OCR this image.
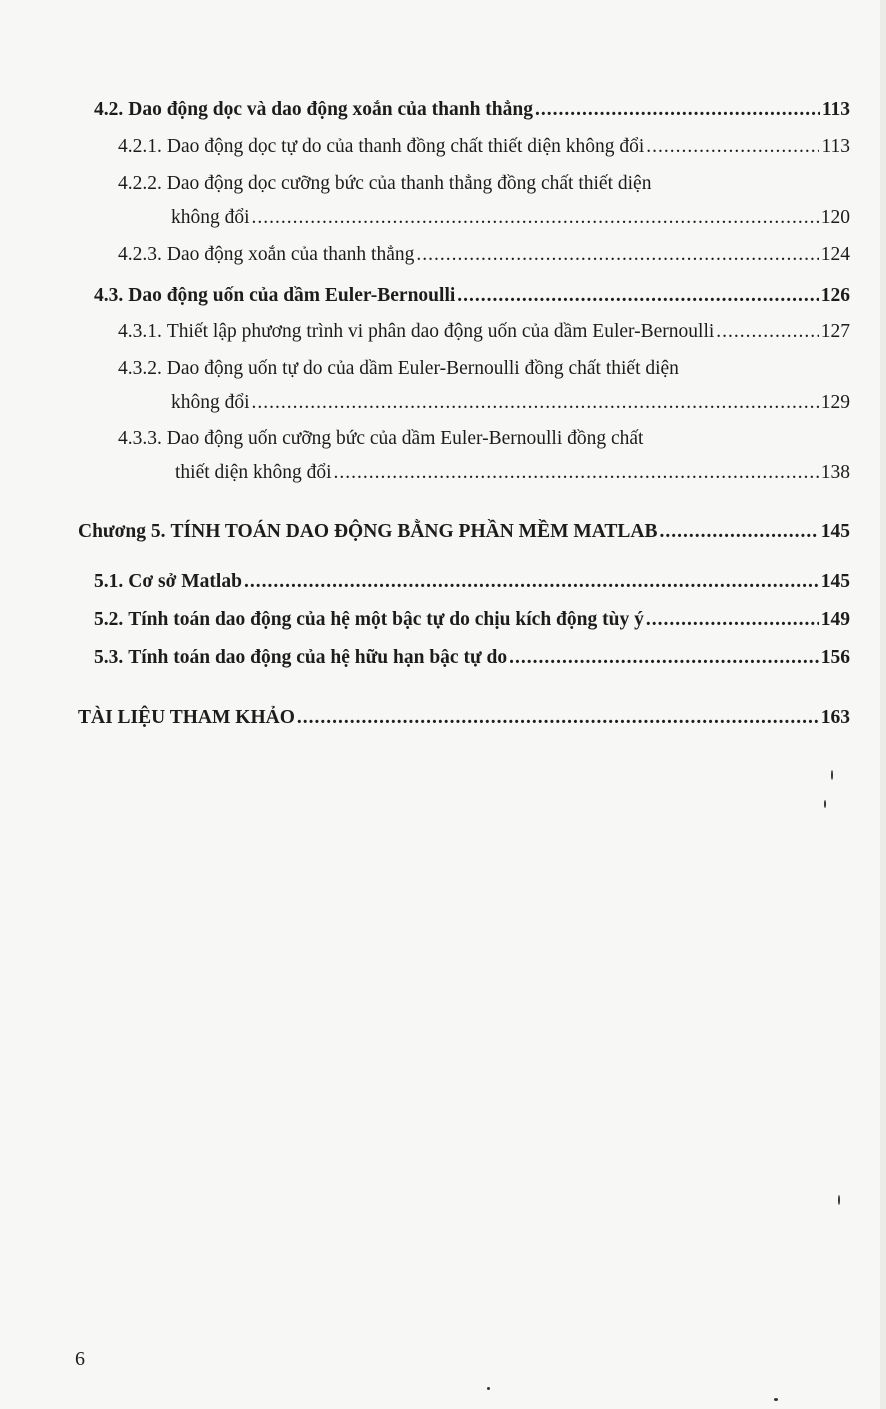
4.2. Dao động dọc và dao động xoắn của thanh thẳng .....	113
4.2.1. Dao động dọc tự do của thanh đồng chất thiết diện không đổi .....	113
4.2.2. Dao động dọc cưỡng bức của thanh thẳng đồng chất thiết diện
không đổi .....	120
4.2.3. Dao động xoắn của thanh thẳng .....	124
4.3. Dao động uốn của dầm Euler-Bernoulli .....	126
4.3.1. Thiết lập phương trình vi phân dao động uốn của dầm Euler-Bernoulli .....	127
4.3.2. Dao động uốn tự do của dầm Euler-Bernoulli đồng chất thiết diện
không đổi .....	129
4.3.3. Dao động uốn cưỡng bức của dầm Euler-Bernoulli đồng chất
thiết diện không đổi .....	138
Chương 5. TÍNH TOÁN DAO ĐỘNG BẰNG PHẦN MỀM MATLAB .....	145
5.1. Cơ sở Matlab .....	145
5.2. Tính toán dao động của hệ một bậc tự do chịu kích động tùy ý .....	149
5.3. Tính toán dao động của hệ hữu hạn bậc tự do .....	156
TÀI LIỆU THAM KHẢO .....	163
6
